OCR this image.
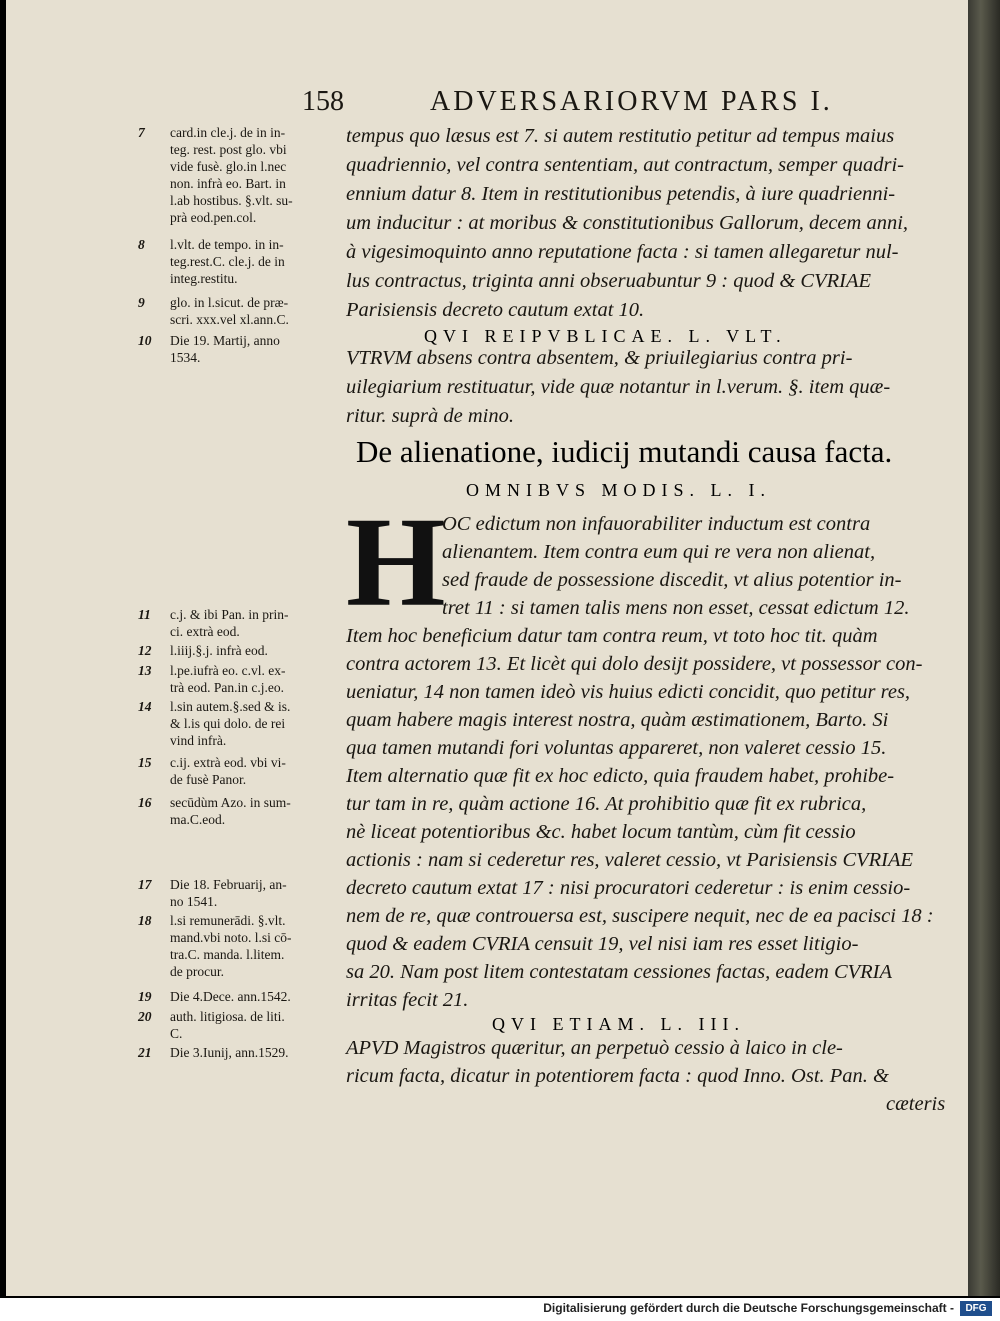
158	ADVERSARIORVM PARS I.
7	card.in cle.j. de in in-
teg. rest. post glo. vbi
vide fusè. glo.in l.nec
non. infrà eo. Bart. in
l.ab hostibus. §.vlt. su-
prà eod.pen.col.
8	l.vlt. de tempo. in in-
teg.rest.C. cle.j. de in
integ.restitu.
9	glo. in l.sicut. de præ-
scri. xxx.vel xl.ann.C.
10	Die 19. Martij, anno
1534.
11	c.j. & ibi Pan. in prin-
ci. extrà eod.
12	l.iiij.§.j. infrà eod.
13	l.pe.iufrà eo. c.vl. ex-
trà eod. Pan.in c.j.eo.
14	l.sin autem.§.sed & is.
& l.is qui dolo. de rei
vind infrà.
15	c.ij. extrà eod. vbi vi-
de fusè Panor.
16	secūdùm Azo. in sum-
ma.C.eod.
17	Die 18. Februarij, an-
no 1541.
18	l.si remunerādi. §.vlt.
mand.vbi noto. l.si cō-
tra.C. manda. l.litem.
de procur.
19	Die 4.Dece. ann.1542.
20	auth. litigiosa. de liti.
C.
21	Die 3.Iunij, ann.1529.
tempus quo læsus est 7. si autem restitutio petitur ad tempus maius
quadriennio, vel contra sententiam, aut contractum, semper quadri-
ennium datur 8. Item in restitutionibus petendis, à iure quadrienni-
um inducitur : at moribus & constitutionibus Gallorum, decem anni,
à vigesimoquinto anno reputatione facta : si tamen allegaretur nul-
lus contractus, triginta anni obseruabuntur 9 : quod & CVRIAE
Parisiensis decreto cautum extat 10.
QVI REIPVBLICAE. L. VLT.
VTRVM absens contra absentem, & priuilegiarius contra pri-
uilegiarium restituatur, vide quæ notantur in l.verum. §. item quæ-
ritur. suprà de mino.
De alienatione, iudicij mutandi causa facta.
OMNIBVS MODIS. L. I.
H
OC edictum non infauorabiliter inductum est contra
alienantem. Item contra eum qui re vera non alienat,
sed fraude de possessione discedit, vt alius potentior in-
tret 11 : si tamen talis mens non esset, cessat edictum 12.
Item hoc beneficium datur tam contra reum, vt toto hoc tit. quàm
contra actorem 13. Et licèt qui dolo desijt possidere, vt possessor con-
ueniatur, 14 non tamen ideò vis huius edicti concidit, quo petitur res,
quam habere magis interest nostra, quàm æstimationem, Barto. Si
qua tamen mutandi fori voluntas appareret, non valeret cessio 15.
Item alternatio quæ fit ex hoc edicto, quia fraudem habet, prohibe-
tur tam in re, quàm actione 16. At prohibitio quæ fit ex rubrica,
nè liceat potentioribus &c. habet locum tantùm, cùm fit cessio
actionis : nam si cederetur res, valeret cessio, vt Parisiensis CVRIAE
decreto cautum extat 17 : nisi procuratori cederetur : is enim cessio-
nem de re, quæ controuersa est, suscipere nequit, nec de ea pacisci 18 :
quod & eadem CVRIA censuit 19, vel nisi iam res esset litigio-
sa 20. Nam post litem contestatam cessiones factas, eadem CVRIA
irritas fecit 21.
QVI ETIAM. L. III.
APVD Magistros quæritur, an perpetuò cessio à laico in cle-
ricum facta, dicatur in potentiorem facta : quod Inno. Ost. Pan. &
cæteris
Digitalisierung gefördert durch die Deutsche Forschungsgemeinschaft -	DFG
